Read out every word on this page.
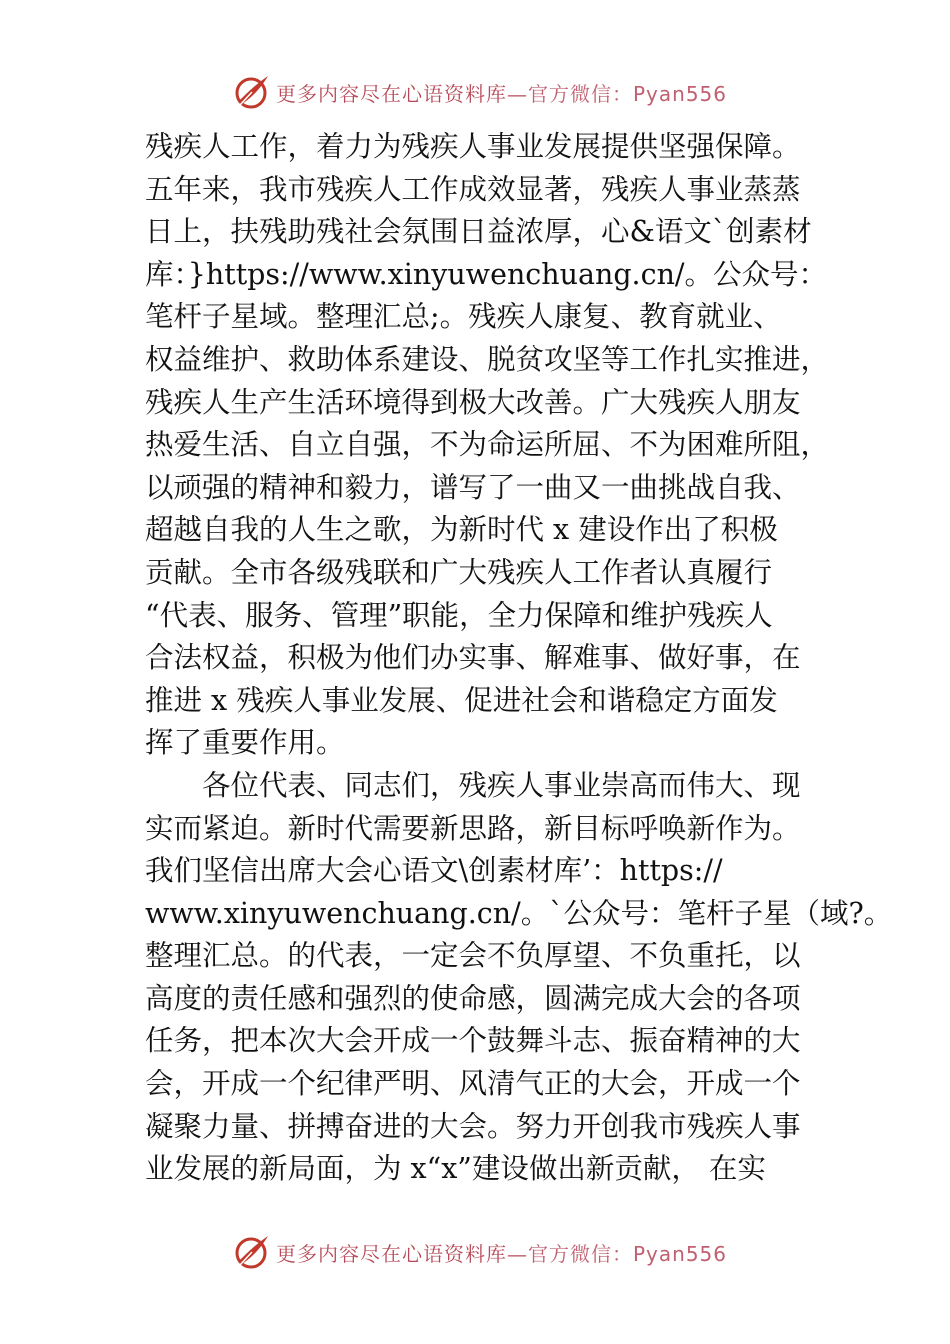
更多内容尽在心语资料库—官方微信：Pyan556
残疾人工作，着力为残疾人事业发展提供坚强保障。
五年来，我市残疾人工作成效显著，残疾人事业蒸蒸
日上，扶残助残社会氛围日益浓厚，心&语文`创素材
库：}https://www.xinyuwenchuang.cn/。公众号：
笔杆子星域。整理汇总;。残疾人康复、教育就业、
权益维护、救助体系建设、脱贫攻坚等工作扎实推进，
残疾人生产生活环境得到极大改善。广大残疾人朋友
热爱生活、自立自强，不为命运所屈、不为困难所阻，
以顽强的精神和毅力，谱写了一曲又一曲挑战自我、
超越自我的人生之歌，为新时代 x 建设作出了积极
贡献。全市各级残联和广大残疾人工作者认真履行
“代表、服务、管理”职能，全力保障和维护残疾人
合法权益，积极为他们办实事、解难事、做好事，在
推进 x 残疾人事业发展、促进社会和谐稳定方面发
挥了重要作用。
　　各位代表、同志们，残疾人事业崇高而伟大、现
实而紧迫。新时代需要新思路，新目标呼唤新作为。
我们坚信出席大会心语文\创素材库’：https://
www.xinyuwenchuang.cn/。`公众号：笔杆子星（域?。
整理汇总。的代表，一定会不负厚望、不负重托，以
高度的责任感和强烈的使命感，圆满完成大会的各项
任务，把本次大会开成一个鼓舞斗志、振奋精神的大
会，开成一个纪律严明、风清气正的大会，开成一个
凝聚力量、拼搏奋进的大会。努力开创我市残疾人事
业发展的新局面，为 x“x”建设做出新贡献， 在实
更多内容尽在心语资料库—官方微信：Pyan556
